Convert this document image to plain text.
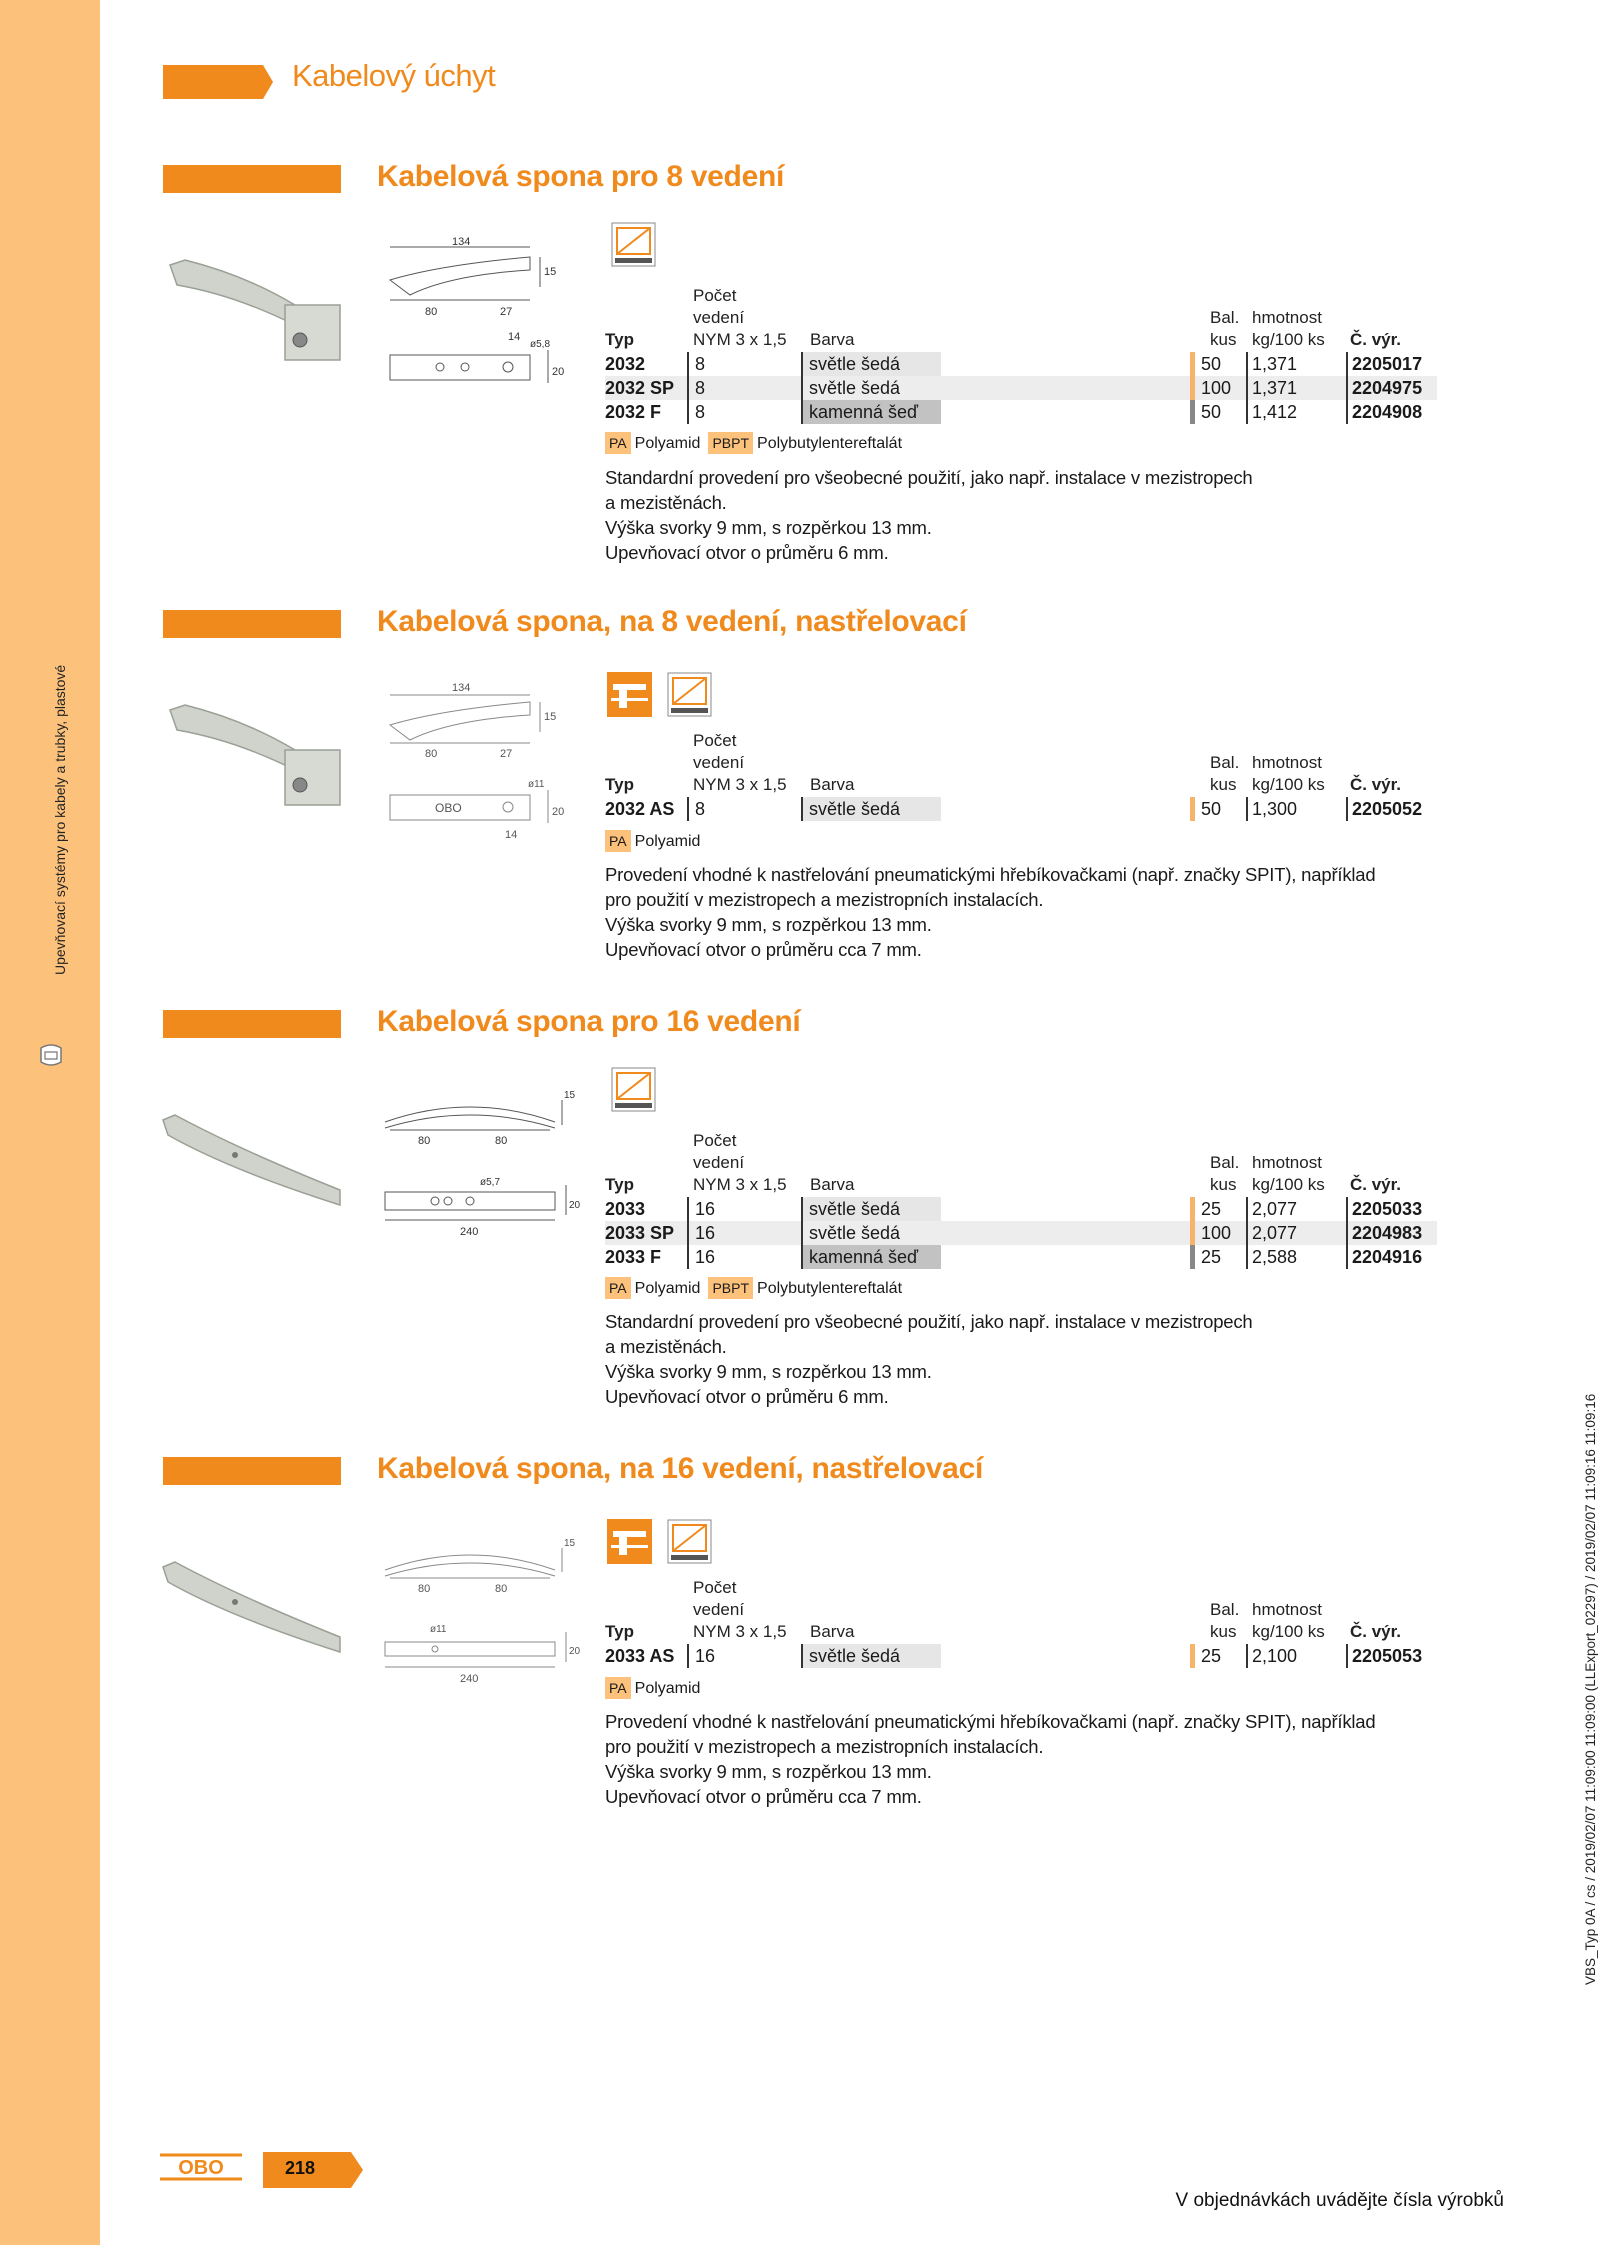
Upevňovací systémy pro kabely a trubky, plastové
Kabelový úchyt
VBS_Typ 0A / cs / 2019/02/07 11:09:00 11:09:00 (LLExport_02297) / 2019/02/07 11:09:16 11:09:16
Kabelová spona pro 8 vedení
134
80	27
15
14
ø5,8
20
Počet
vedení
NYM 3 x 1,5
Typ	Barva
Bal.
kus
hmotnost
kg/100 ks Č. výr.
2032	8	světle šedá	50	1,371	2205017
2032 SP	8	světle šedá	100	1,371	2204975
2032 F	8	kamenná šeď	50	1,412	2204908
PA Polyamid PBPT Polybutylentereftalát
Standardní provedení pro všeobecné použití, jako např. instalace v mezistropech
a mezistěnách.
Výška svorky 9 mm, s rozpěrkou 13 mm.
Upevňovací otvor o průměru 6 mm.
Kabelová spona, na 8 vedení, nastřelovací
134
80	27
15
ø11
OBO	20
14
Počet
vedení
NYM 3 x 1,5
Typ	Barva
Bal.
kus
hmotnost
kg/100 ks Č. výr.
2032 AS	8	světle šedá	50	1,300	2205052
PA Polyamid
Provedení vhodné k nastřelování pneumatickými hřebíkovačkami (např. značky SPIT), například
pro použití v mezistropech a mezistropních instalacích.
Výška svorky 9 mm, s rozpěrkou 13 mm.
Upevňovací otvor o průměru cca 7 mm.
Kabelová spona pro 16 vedení
80	80
15
ø5,7
20
240
Počet
vedení
NYM 3 x 1,5
Typ	Barva
Bal.
kus
hmotnost
kg/100 ks Č. výr.
2033	16	světle šedá	25	2,077	2205033
2033 SP	16	světle šedá	100	2,077	2204983
2033 F	16	kamenná šeď	25	2,588	2204916
PA Polyamid PBPT Polybutylentereftalát
Standardní provedení pro všeobecné použití, jako např. instalace v mezistropech
a mezistěnách.
Výška svorky 9 mm, s rozpěrkou 13 mm.
Upevňovací otvor o průměru 6 mm.
Kabelová spona, na 16 vedení, nastřelovací
80	80
15
ø11
20
240
Počet
vedení
NYM 3 x 1,5
Typ	Barva
Bal.
kus
hmotnost
kg/100 ks Č. výr.
2033 AS	16	světle šedá	25	2,100	2205053
PA Polyamid
Provedení vhodné k nastřelování pneumatickými hřebíkovačkami (např. značky SPIT), například
pro použití v mezistropech a mezistropních instalacích.
Výška svorky 9 mm, s rozpěrkou 13 mm.
Upevňovací otvor o průměru cca 7 mm.
OBO	218
V objednávkách uvádějte čísla výrobků
